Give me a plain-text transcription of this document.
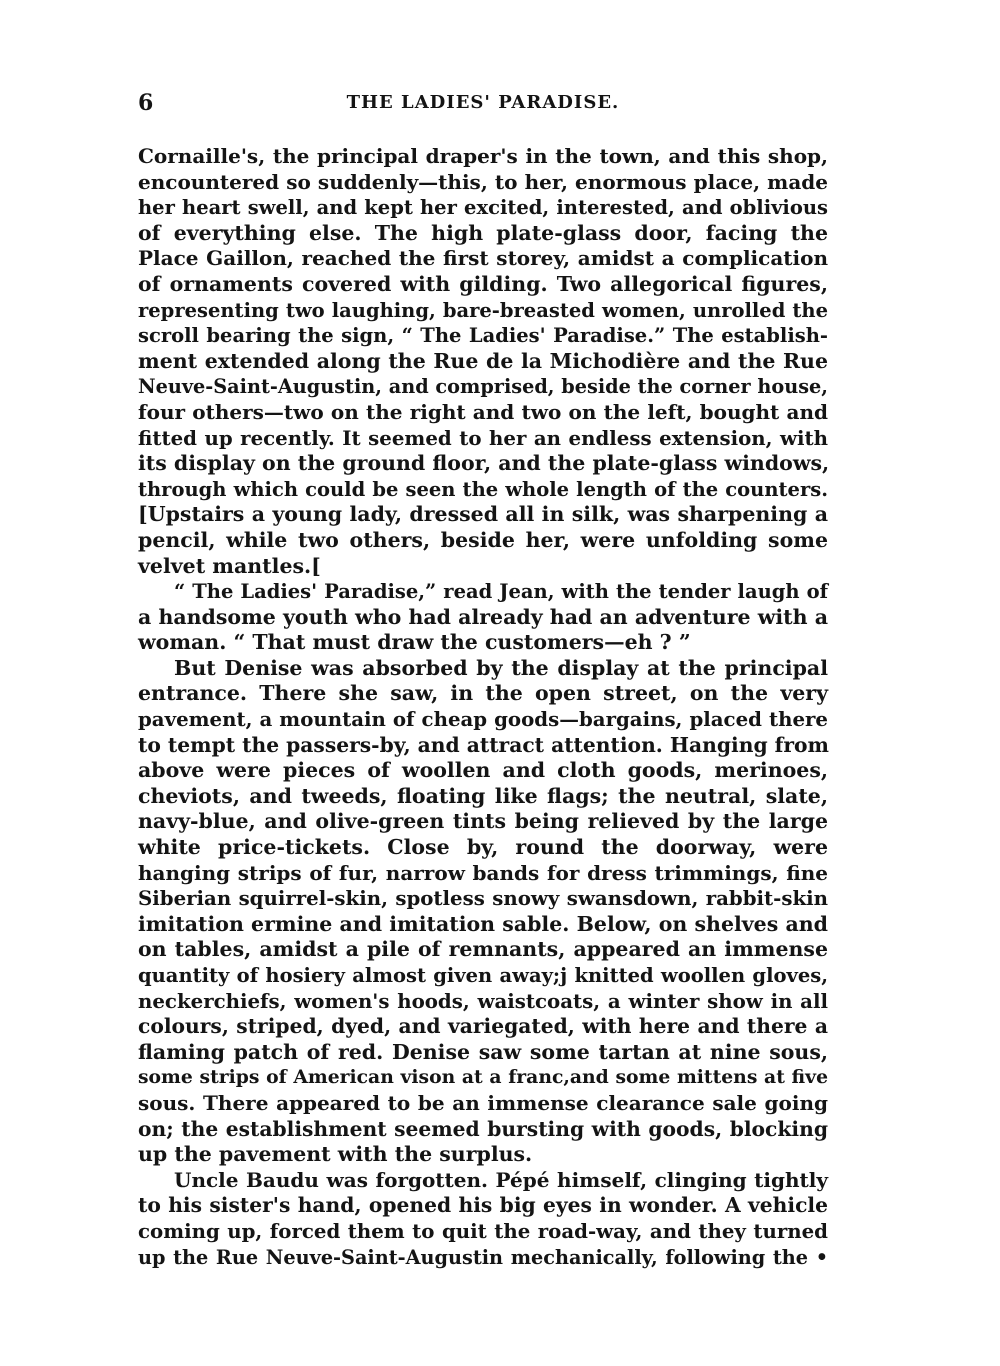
6	THE LADIES' PARADISE.
Cornaille's, the principal draper's in the town, and this shop,
encountered so suddenly—this, to her, enormous place, made
her heart swell, and kept her excited, interested, and oblivious
of everything else. The high plate-glass door, facing the
Place Gaillon, reached the first storey, amidst a complication
of ornaments covered with gilding. Two allegorical figures,
representing two laughing, bare-breasted women, unrolled the
scroll bearing the sign, “ The Ladies' Paradise.” The establish-
ment extended along the Rue de la Michodière and the Rue
Neuve-Saint-Augustin, and comprised, beside the corner house,
four others—two on the right and two on the left, bought and
fitted up recently. It seemed to her an endless extension, with
its display on the ground floor, and the plate-glass windows,
through which could be seen the whole length of the counters.
[Upstairs a young lady, dressed all in silk, was sharpening a
pencil, while two others, beside her, were unfolding some
velvet mantles.[
“ The Ladies' Paradise,” read Jean, with the tender laugh of
a handsome youth who had already had an adventure with a
woman. “ That must draw the customers—eh ? ”
But Denise was absorbed by the display at the principal
entrance. There she saw, in the open street, on the very
pavement, a mountain of cheap goods—bargains, placed there
to tempt the passers-by, and attract attention. Hanging from
above were pieces of woollen and cloth goods, merinoes,
cheviots, and tweeds, floating like flags; the neutral, slate,
navy-blue, and olive-green tints being relieved by the large
white price-tickets. Close by, round the doorway, were
hanging strips of fur, narrow bands for dress trimmings, fine
Siberian squirrel-skin, spotless snowy swansdown, rabbit-skin
imitation ermine and imitation sable. Below, on shelves and
on tables, amidst a pile of remnants, appeared an immense
quantity of hosiery almost given away;j knitted woollen gloves,
neckerchiefs, women's hoods, waistcoats, a winter show in all
colours, striped, dyed, and variegated, with here and there a
flaming patch of red. Denise saw some tartan at nine sous,
some strips of American vison at a franc,and some mittens at five
sous. There appeared to be an immense clearance sale going
on; the establishment seemed bursting with goods, blocking
up the pavement with the surplus.
Uncle Baudu was forgotten. Pépé himself, clinging tightly
to his sister's hand, opened his big eyes in wonder. A vehicle
coming up, forced them to quit the road-way, and they turned
up the Rue Neuve-Saint-Augustin mechanically, following the •
